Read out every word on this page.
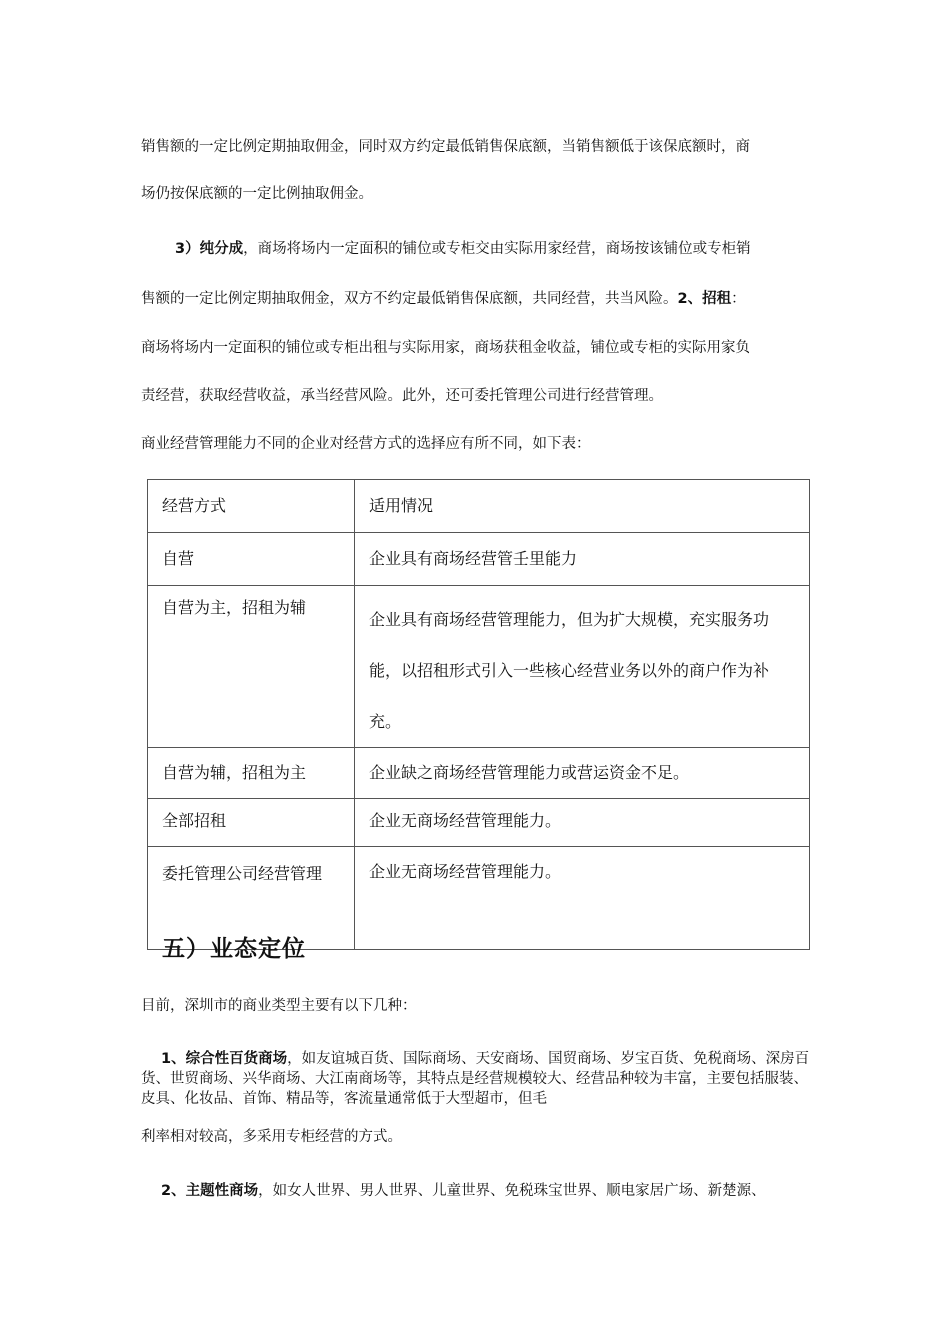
销售额的一定比例定期抽取佣金，同时双方约定最低销售保底额，当销售额低于该保底额时，商
场仍按保底额的一定比例抽取佣金。
3）纯分成，商场将场内一定面积的铺位或专柜交由实际用家经营，商场按该铺位或专柜销
售额的一定比例定期抽取佣金，双方不约定最低销售保底额，共同经营，共当风险。2、招租：
商场将场内一定面积的铺位或专柜出租与实际用家，商场获租金收益，铺位或专柜的实际用家负
责经营，获取经营收益，承当经营风险。此外，还可委托管理公司进行经营管理。
商业经营管理能力不同的企业对经营方式的选择应有所不同，如下表：
经营方式	适用情况
自营	企业具有商场经营管壬里能力
自营为主，招租为辅	企业具有商场经营管理能力，但为扩大规模，充实服务功能，以招租形式引入一些核心经营业务以外的商户作为补充。
自营为辅，招租为主	企业缺之商场经营管理能力或营运资金不足。
全部招租	企业无商场经营管理能力。
委托管理公司经营管理	企业无商场经营管理能力。
五）业态定位
目前，深圳市的商业类型主要有以下几种：
1、综合性百货商场，如友谊城百货、国际商场、天安商场、国贸商场、岁宝百货、免税商场、深房百货、世贸商场、兴华商场、大江南商场等，其特点是经营规模较大、经营品种较为丰富，主要包括服装、皮具、化妆品、首饰、精品等，客流量通常低于大型超市，但毛
利率相对较高，多采用专柜经营的方式。
2、主题性商场，如女人世界、男人世界、儿童世界、免税珠宝世界、顺电家居广场、新楚源、
